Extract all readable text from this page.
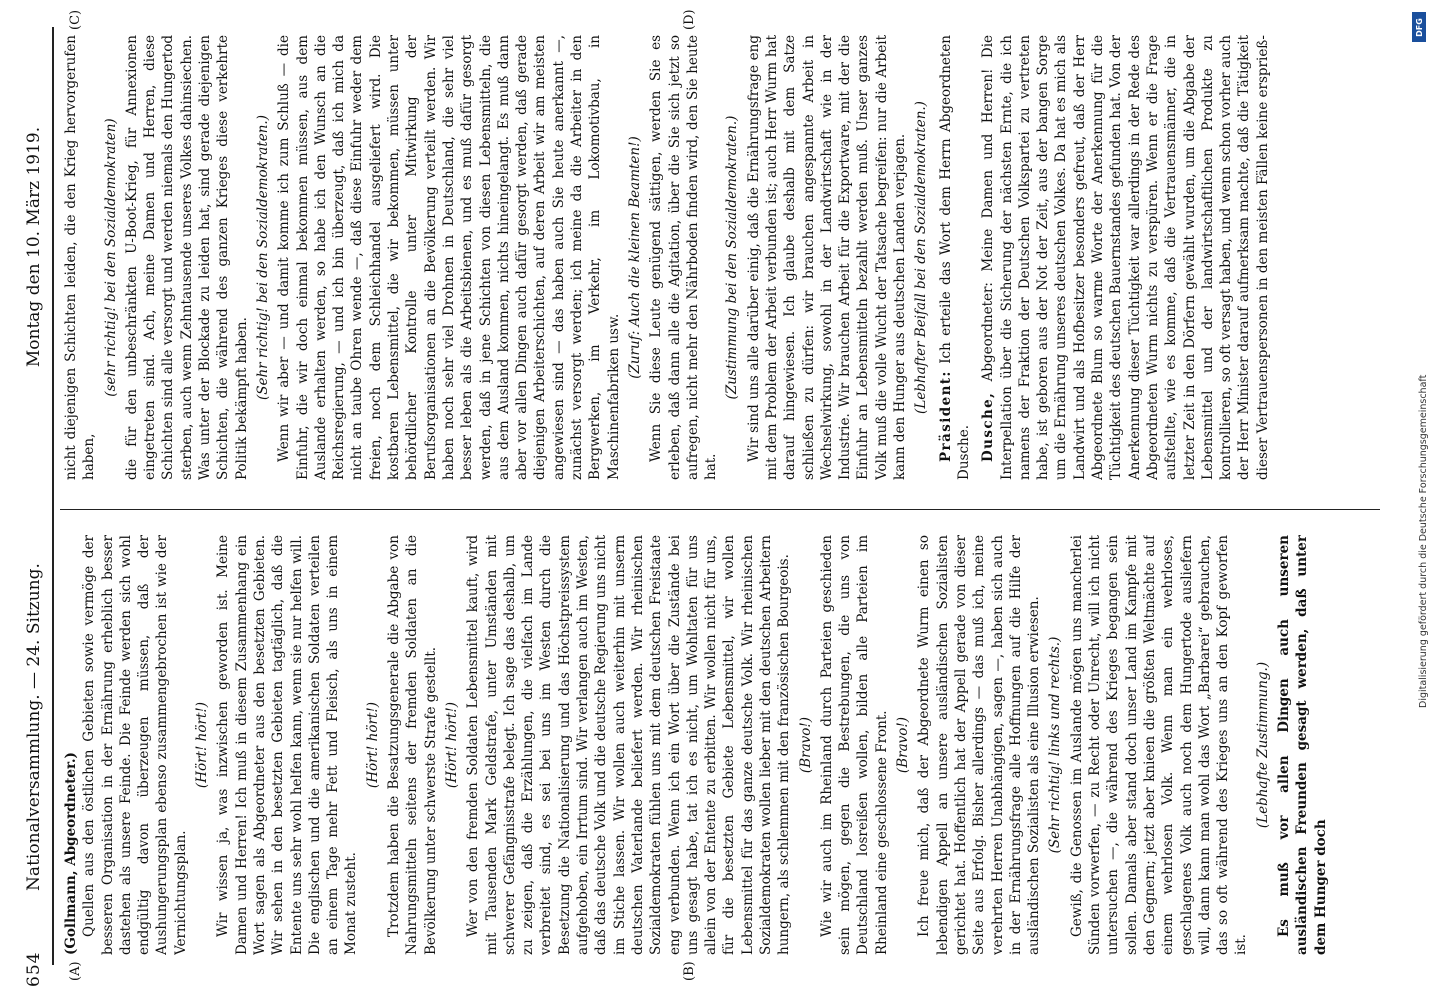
654
Nationalversammlung. — 24. Sitzung.
Montag den 10. März 1919.
(A)	(B)
(C)	(D)

(Gollmann, Abgeordneter.) Quellen aus den östlichen Gebieten sowie vermöge der besseren Organisation in der Ernährung erheblich besser dastehen als unsere Feinde. Die Feinde werden sich wohl endgültig davon überzeugen müssen, daß der Aushungerungsplan ebenso zusammengebrochen ist wie der Vernichtungsplan.

(Hört! hört!) Wir wissen ja, was inzwischen geworden ist. Meine Damen und Herren! Ich muß in diesem Zusammenhang ein Wort sagen als Abgeordneter aus den besetzten Gebieten. Wir sehen in den besetzten Gebieten tagtäglich, daß die Entente uns sehr wohl helfen kann, wenn sie nur helfen will. Die englischen und die amerikanischen Soldaten verteilen an einem Tage mehr Fett und Fleisch, als uns in einem Monat zusteht.

(Hört! hört!) Trotzdem haben die Besatzungsgenerale die Abgabe von Nahrungsmitteln seitens der fremden Soldaten an die Bevölkerung unter schwerste Strafe gestellt. (Hört! hört!) Wer von den fremden Soldaten Lebensmittel kauft, wird mit Tausenden Mark Geldstrafe, unter Umständen mit schwerer Gefängnisstrafe belegt. Ich sage das deshalb, um zu zeigen, daß die Erzählungen, die vielfach im Lande verbreitet sind, es sei bei uns im Westen durch die Besetzung die Nationalisierung und das Höchstpreissystem aufgehoben, ein Irrtum sind. Wir verlangen auch im Westen, daß das deutsche Volk und die deutsche Regierung uns nicht im Stiche lassen. Wir wollen auch weiterhin mit unserm deutschen Vaterlande beliefert werden. Wir rheinischen Sozialdemokraten fühlen uns mit dem deutschen Freistaate eng verbunden. Wenn ich ein Wort über die Zustände bei uns gesagt habe, tat ich es nicht, um Wohltaten für uns allein von der Entente zu erbitten. Wir wollen nicht für uns, für die besetzten Gebiete Lebensmittel, wir wollen Lebensmittel für das ganze deutsche Volk. Wir rheinischen Sozialdemokraten wollen lieber mit den deutschen Arbeitern hungern, als schlemmen mit den französischen Bourgeois. (Bravo!) Wie wir auch im Rheinland durch Parteien geschieden sein mögen, gegen die Bestrebungen, die uns von Deutschland losreißen wollen, bilden alle Parteien im Rheinland eine geschlossene Front. (Bravo!) Ich freue mich, daß der Abgeordnete Wurm einen so lebendigen Appell an unsere ausländischen Sozialisten gerichtet hat. Hoffentlich hat der Appell gerade von dieser Seite aus Erfolg. Bisher allerdings — das muß ich, meine verehrten Herren Unabhängigen, sagen —, haben sich auch in der Ernährungsfrage alle Hoffnungen auf die Hilfe der ausländischen Sozialisten als eine Illusion erwiesen. (Sehr richtig! links und rechts.) Gewiß, die Genossen im Auslande mögen uns mancherlei Sünden vorwerfen, — zu Recht oder Unrecht, will ich nicht untersuchen —, die während des Krieges begangen sein sollen. Damals aber stand doch unser Land im Kampfe mit den Gegnern; jetzt aber knieen die größten Weltmächte auf einem wehrlosen Volk. Wenn man ein wehrloses, geschlagenes Volk auch noch dem Hungertode ausliefern will, dann kann man wohl das Wort „Barbarei“ gebrauchen, das so oft während des Krieges uns an den Kopf geworfen ist.

(Lebhafte Zustimmung.) Es muß vor allen Dingen auch unseren ausländischen Freunden gesagt werden, daß unter dem Hunger doch

nicht diejenigen Schichten leiden, die den Krieg hervorgerufen haben,

(sehr richtig! bei den Sozialdemokraten) die für den unbeschränkten U-Boot-Krieg, für Annexionen eingetreten sind. Ach, meine Damen und Herren, diese Schichten sind alle versorgt und werden niemals den Hungertod sterben, auch wenn Zehntausende unseres Volkes dahinsiechen. Was unter der Blockade zu leiden hat, sind gerade diejenigen Schichten, die während des ganzen Krieges diese verkehrte Politik bekämpft haben. (Sehr richtig! bei den Sozialdemokraten.) Wenn wir aber — und damit komme ich zum Schluß — die Einfuhr, die wir doch einmal bekommen müssen, aus dem Auslande erhalten werden, so habe ich den Wunsch an die Reichsregierung, — und ich bin überzeugt, daß ich mich da nicht an taube Ohren wende —, daß diese Einfuhr weder dem freien, noch dem Schleichhandel ausgeliefert wird. Die kostbaren Lebensmittel, die wir bekommen, müssen unter behördlicher Kontrolle unter Mitwirkung der Berufsorganisationen an die Bevölkerung verteilt werden. Wir haben noch sehr viel Drohnen in Deutschland, die sehr viel besser leben als die Arbeitsbienen, und es muß dafür gesorgt werden, daß in jene Schichten von diesen Lebensmitteln, die aus dem Ausland kommen, nichts hineingelangt. Es muß dann aber vor allen Dingen auch dafür gesorgt werden, daß gerade diejenigen Arbeiterschichten, auf deren Arbeit wir am meisten angewiesen sind — das haben auch Sie heute anerkannt —, zunächst versorgt werden; ich meine da die Arbeiter in den Bergwerken, im Verkehr, im Lokomotivbau, in Maschinenfabriken usw.

(Zuruf: Auch die kleinen Beamten!) Wenn Sie diese Leute genügend sättigen, werden Sie es erleben, daß dann alle die Agitation, über die Sie sich jetzt so aufregen, nicht mehr den Nährboden finden wird, den Sie heute hat.

(Zustimmung bei den Sozialdemokraten.) Wir sind uns alle darüber einig, daß die Ernährungsfrage eng mit dem Problem der Arbeit verbunden ist; auch Herr Wurm hat darauf hingewiesen. Ich glaube deshalb mit dem Satze schließen zu dürfen: wir brauchen angespannte Arbeit in Wechselwirkung, sowohl in der Landwirtschaft wie in der Industrie. Wir brauchen Arbeit für die Exportware, mit der die Einfuhr an Lebensmitteln bezahlt werden muß. Unser ganzes Volk muß die volle Wucht der Tatsache begreifen: nur die Arbeit kann den Hunger aus deutschen Landen verjagen. (Lebhafter Beifall bei den Sozialdemokraten.)

Präsident: Ich erteile das Wort dem Herrn Abgeordneten Dusche. Dusche, Abgeordneter: Meine Damen und Herren! Die Interpellation über die Sicherung der nächsten Ernte, die ich namens der Fraktion der Deutschen Volkspartei zu vertreten habe, ist geboren aus der Not der Zeit, aus der bangen Sorge um die Ernährung unseres deutschen Volkes. Da hat es mich als Landwirt und als Hofbesitzer besonders gefreut, daß der Herr Abgeordnete Blum so warme Worte der Anerkennung für die Tüchtigkeit des deutschen Bauernstandes gefunden hat. Von der Anerkennung dieser Tüchtigkeit war allerdings in der Rede des Abgeordneten Wurm nichts zu verspüren. Wenn er die Frage aufstellte, wie es komme, daß die Vertrauensmänner, die in letzter Zeit in den Dörfern gewählt wurden, um die Abgabe der Lebensmittel und der landwirtschaftlichen Produkte zu kontrollieren, so oft versagt haben, und wenn schon vorher auch der Herr Minister darauf aufmerksam machte, daß die Tätigkeit dieser Vertrauenspersonen in den meisten Fällen keine ersprieß-

DFG
Digitalisierung gefördert durch die Deutsche Forschungsgemeinschaft
